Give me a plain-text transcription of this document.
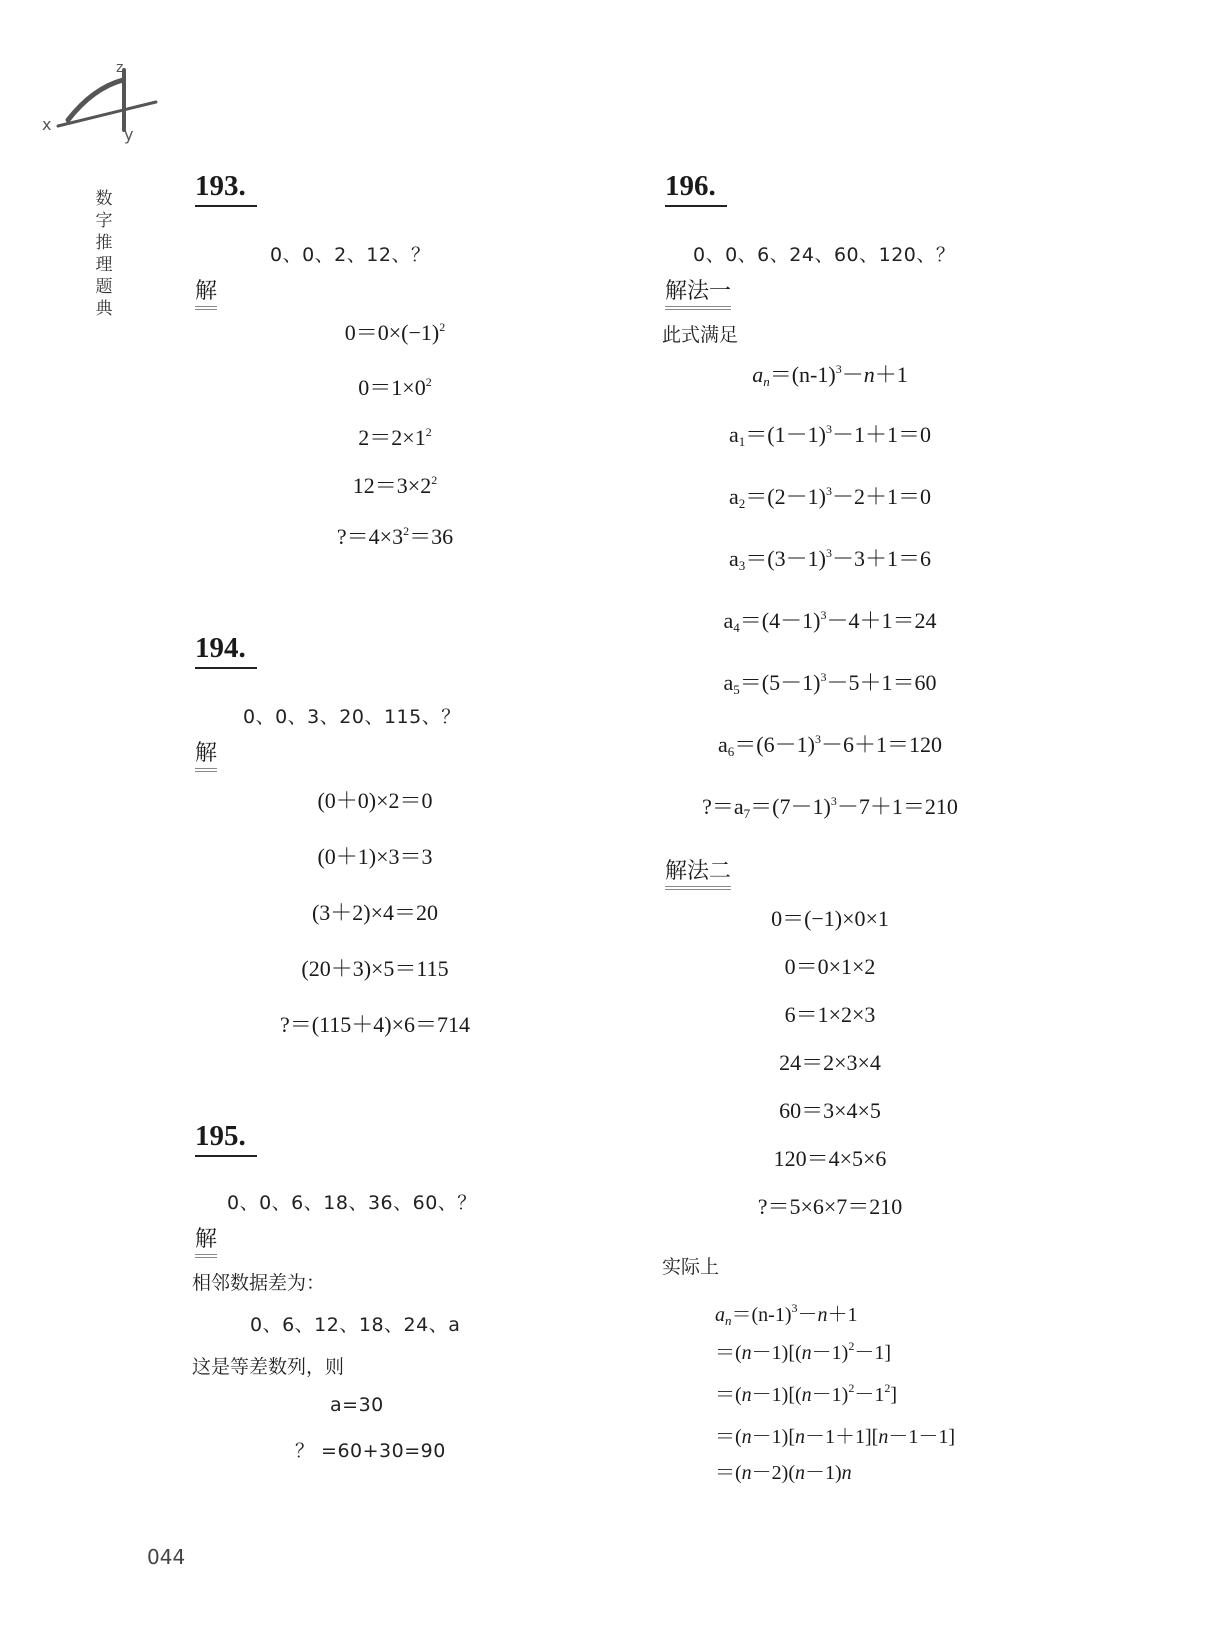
z
x
y
数
字
推
理
题
典
193.
0、0、2、12、？
解
$0=0\times(-1)^2$
$0=1\times 0^2$
$2=2\times 1^2$
$12=3\times 2^2$
$?=4\times 3^2=36$
194.
0、0、3、20、115、？
解
(0＋0)×2＝0
(0＋1)×3＝3
(3＋2)×4＝20
(20＋3)×5＝115
?＝(115＋4)×6＝714
195.
0、0、6、18、36、60、？
解
相邻数据差为：
0、6、12、18、24、a
这是等差数列，则
a=30
？ =60+30=90
196.
0、0、6、24、60、120、？
解法一
此式满足
$a_n=(n-1)^3-n+1$
$a_1=(1-1)^3-1+1=0$
$a_2=(2-1)^3-2+1=0$
$a_3=(3-1)^3-3+1=6$
$a_4=(4-1)^3-4+1=24$
$a_5=(5-1)^3-5+1=60$
$a_6=(6-1)^3-6+1=120$
$?=a_7=(7-1)^3-7+1=210$
解法二
0＝(−1)×0×1
0＝0×1×2
6＝1×2×3
24＝2×3×4
60＝3×4×5
120＝4×5×6
?＝5×6×7＝210
实际上
$a_n=(n-1)^3-n+1$
$=(n-1)[(n-1)^2-1]$
$=(n-1)[(n-1)^2-1^2]$
＝(n－1)[n－1＋1][n－1－1]
＝(n－2)(n－1)n
044
